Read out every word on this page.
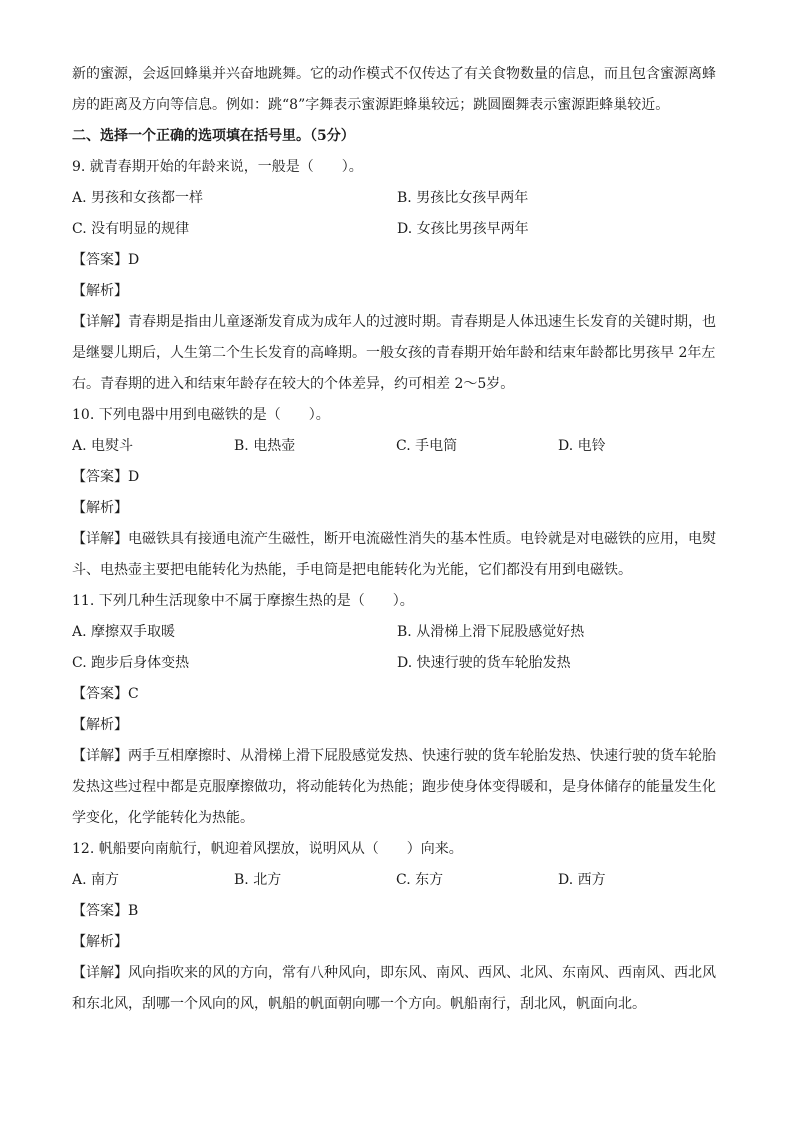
新的蜜源，会返回蜂巢并兴奋地跳舞。它的动作模式不仅传达了有关食物数量的信息，而且包含蜜源离蜂
房的距离及方向等信息。例如：跳“8”字舞表示蜜源距蜂巢较远；跳圆圈舞表示蜜源距蜂巢较近。
二、选择一个正确的选项填在括号里。（5分）
9. 就青春期开始的年龄来说，一般是（　　）。
A. 男孩和女孩都一样	B. 男孩比女孩早两年
C. 没有明显的规律	D. 女孩比男孩早两年
【答案】D
【解析】
【详解】青春期是指由儿童逐渐发育成为成年人的过渡时期。青春期是人体迅速生长发育的关键时期，也
是继婴儿期后，人生第二个生长发育的高峰期。一般女孩的青春期开始年龄和结束年龄都比男孩早 2年左
右。青春期的进入和结束年龄存在较大的个体差异，约可相差 2～5岁。
10. 下列电器中用到电磁铁的是（　　）。
A. 电熨斗	B. 电热壶	C. 手电筒	D. 电铃
【答案】D
【解析】
【详解】电磁铁具有接通电流产生磁性，断开电流磁性消失的基本性质。电铃就是对电磁铁的应用，电熨
斗、电热壶主要把电能转化为热能，手电筒是把电能转化为光能，它们都没有用到电磁铁。
11. 下列几种生活现象中不属于摩擦生热的是（　　）。
A. 摩擦双手取暖	B. 从滑梯上滑下屁股感觉好热
C. 跑步后身体变热	D. 快速行驶的货车轮胎发热
【答案】C
【解析】
【详解】两手互相摩擦时、从滑梯上滑下屁股感觉发热、快速行驶的货车轮胎发热、快速行驶的货车轮胎
发热这些过程中都是克服摩擦做功，将动能转化为热能；跑步使身体变得暖和，是身体储存的能量发生化
学变化，化学能转化为热能。
12. 帆船要向南航行，帆迎着风摆放，说明风从（　　）向来。
A. 南方	B. 北方	C. 东方	D. 西方
【答案】B
【解析】
【详解】风向指吹来的风的方向，常有八种风向，即东风、南风、西风、北风、东南风、西南风、西北风
和东北风，刮哪一个风向的风，帆船的帆面朝向哪一个方向。帆船南行，刮北风，帆面向北。
